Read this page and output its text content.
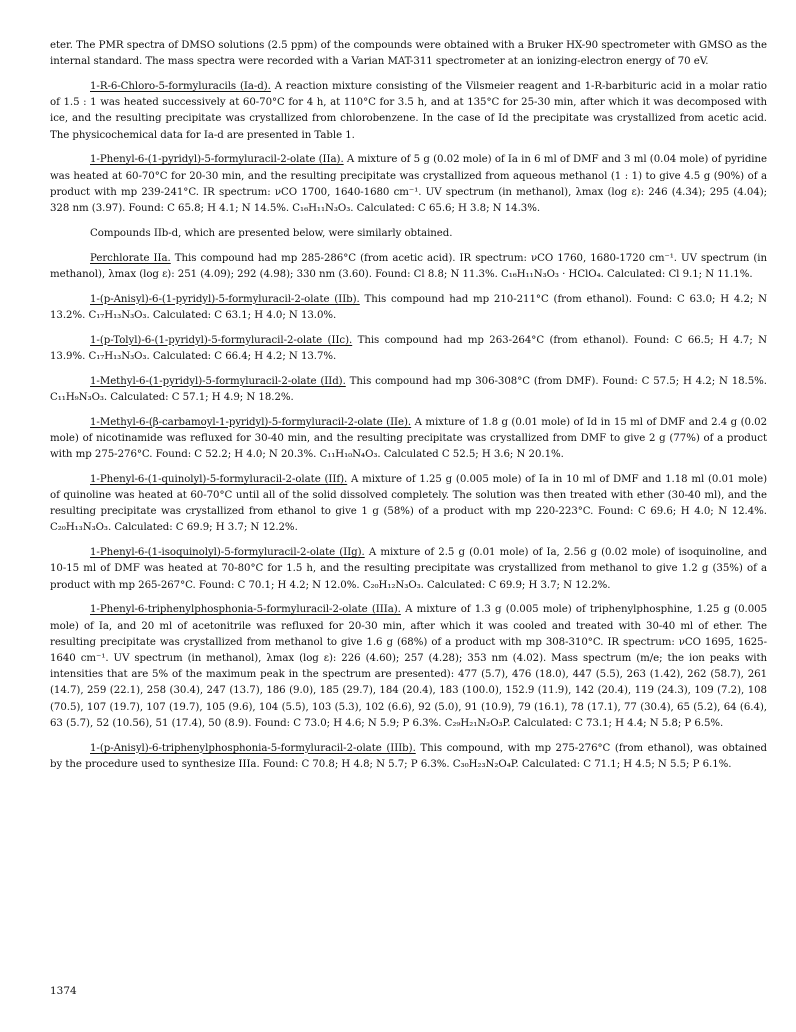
eter. The PMR spectra of DMSO solutions (2.5 ppm) of the compounds were obtained with a Bruker HX-90 spectrometer with GMSO as the internal standard. The mass spectra were recorded with a Varian MAT-311 spectrometer at an ionizing-electron energy of 70 eV.

1-R-6-Chloro-5-formyluracils (Ia-d). A reaction mixture consisting of the Vilsmeier reagent and 1-R-barbituric acid in a molar ratio of 1.5 : 1 was heated successively at 60-70°C for 4 h, at 110°C for 3.5 h, and at 135°C for 25-30 min, after which it was decomposed with ice, and the resulting precipitate was crystallized from chlorobenzene. In the case of Id the precipitate was crystallized from acetic acid. The physicochemical data for Ia-d are presented in Table 1.

1-Phenyl-6-(1-pyridyl)-5-formyluracil-2-olate (IIa). A mixture of 5 g (0.02 mole) of Ia in 6 ml of DMF and 3 ml (0.04 mole) of pyridine was heated at 60-70°C for 20-30 min, and the resulting precipitate was crystallized from aqueous methanol (1 : 1) to give 4.5 g (90%) of a product with mp 239-241°C. IR spectrum: νCO 1700, 1640-1680 cm⁻¹. UV spectrum (in methanol), λmax (log ε): 246 (4.34); 295 (4.04); 328 nm (3.97). Found: C 65.8; H 4.1; N 14.5%. C₁₆H₁₁N₃O₃. Calculated: C 65.6; H 3.8; N 14.3%.

Compounds IIb-d, which are presented below, were similarly obtained.

Perchlorate IIa. This compound had mp 285-286°C (from acetic acid). IR spectrum: νCO 1760, 1680-1720 cm⁻¹. UV spectrum (in methanol), λmax (log ε): 251 (4.09); 292 (4.98); 330 nm (3.60). Found: Cl 8.8; N 11.3%. C₁₆H₁₁N₃O₃ · HClO₄. Calculated: Cl 9.1; N 11.1%.

1-(p-Anisyl)-6-(1-pyridyl)-5-formyluracil-2-olate (IIb). This compound had mp 210-211°C (from ethanol). Found: C 63.0; H 4.2; N 13.2%. C₁₇H₁₃N₃O₃. Calculated: C 63.1; H 4.0; N 13.0%.

1-(p-Tolyl)-6-(1-pyridyl)-5-formyluracil-2-olate (IIc). This compound had mp 263-264°C (from ethanol). Found: C 66.5; H 4.7; N 13.9%. C₁₇H₁₃N₃O₃. Calculated: C 66.4; H 4.2; N 13.7%.

1-Methyl-6-(1-pyridyl)-5-formyluracil-2-olate (IId). This compound had mp 306-308°C (from DMF). Found: C 57.5; H 4.2; N 18.5%. C₁₁H₉N₃O₃. Calculated: C 57.1; H 4.9; N 18.2%.

1-Methyl-6-(β-carbamoyl-1-pyridyl)-5-formyluracil-2-olate (IIe). A mixture of 1.8 g (0.01 mole) of Id in 15 ml of DMF and 2.4 g (0.02 mole) of nicotinamide was refluxed for 30-40 min, and the resulting precipitate was crystallized from DMF to give 2 g (77%) of a product with mp 275-276°C. Found: C 52.2; H 4.0; N 20.3%. C₁₁H₁₀N₄O₃. Calculated C 52.5; H 3.6; N 20.1%.

1-Phenyl-6-(1-quinolyl)-5-formyluracil-2-olate (IIf). A mixture of 1.25 g (0.005 mole) of Ia in 10 ml of DMF and 1.18 ml (0.01 mole) of quinoline was heated at 60-70°C until all of the solid dissolved completely. The solution was then treated with ether (30-40 ml), and the resulting precipitate was crystallized from ethanol to give 1 g (58%) of a product with mp 220-223°C. Found: C 69.6; H 4.0; N 12.4%. C₂₀H₁₃N₃O₃. Calculated: C 69.9; H 3.7; N 12.2%.

1-Phenyl-6-(1-isoquinolyl)-5-formyluracil-2-olate (IIg). A mixture of 2.5 g (0.01 mole) of Ia, 2.56 g (0.02 mole) of isoquinoline, and 10-15 ml of DMF was heated at 70-80°C for 1.5 h, and the resulting precipitate was crystallized from methanol to give 1.2 g (35%) of a product with mp 265-267°C. Found: C 70.1; H 4.2; N 12.0%. C₂₀H₁₂N₃O₃. Calculated: C 69.9; H 3.7; N 12.2%.

1-Phenyl-6-triphenylphosphonia-5-formyluracil-2-olate (IIIa). A mixture of 1.3 g (0.005 mole) of triphenylphosphine, 1.25 g (0.005 mole) of Ia, and 20 ml of acetonitrile was refluxed for 20-30 min, after which it was cooled and treated with 30-40 ml of ether. The resulting precipitate was crystallized from methanol to give 1.6 g (68%) of a product with mp 308-310°C. IR spectrum: νCO 1695, 1625-1640 cm⁻¹. UV spectrum (in methanol), λmax (log ε): 226 (4.60); 257 (4.28); 353 nm (4.02). Mass spectrum (m/e; the ion peaks with intensities that are 5% of the maximum peak in the spectrum are presented): 477 (5.7), 476 (18.0), 447 (5.5), 263 (1.42), 262 (58.7), 261 (14.7), 259 (22.1), 258 (30.4), 247 (13.7), 186 (9.0), 185 (29.7), 184 (20.4), 183 (100.0), 152.9 (11.9), 142 (20.4), 119 (24.3), 109 (7.2), 108 (70.5), 107 (19.7), 107 (19.7), 105 (9.6), 104 (5.5), 103 (5.3), 102 (6.6), 92 (5.0), 91 (10.9), 79 (16.1), 78 (17.1), 77 (30.4), 65 (5.2), 64 (6.4), 63 (5.7), 52 (10.56), 51 (17.4), 50 (8.9). Found: C 73.0; H 4.6; N 5.9; P 6.3%. C₂₉H₂₁N₂O₃P. Calculated: C 73.1; H 4.4; N 5.8; P 6.5%.

1-(p-Anisyl)-6-triphenylphosphonia-5-formyluracil-2-olate (IIIb). This compound, with mp 275-276°C (from ethanol), was obtained by the procedure used to synthesize IIIa. Found: C 70.8; H 4.8; N 5.7; P 6.3%. C₃₀H₂₃N₂O₄P. Calculated: C 71.1; H 4.5; N 5.5; P 6.1%.

1374
